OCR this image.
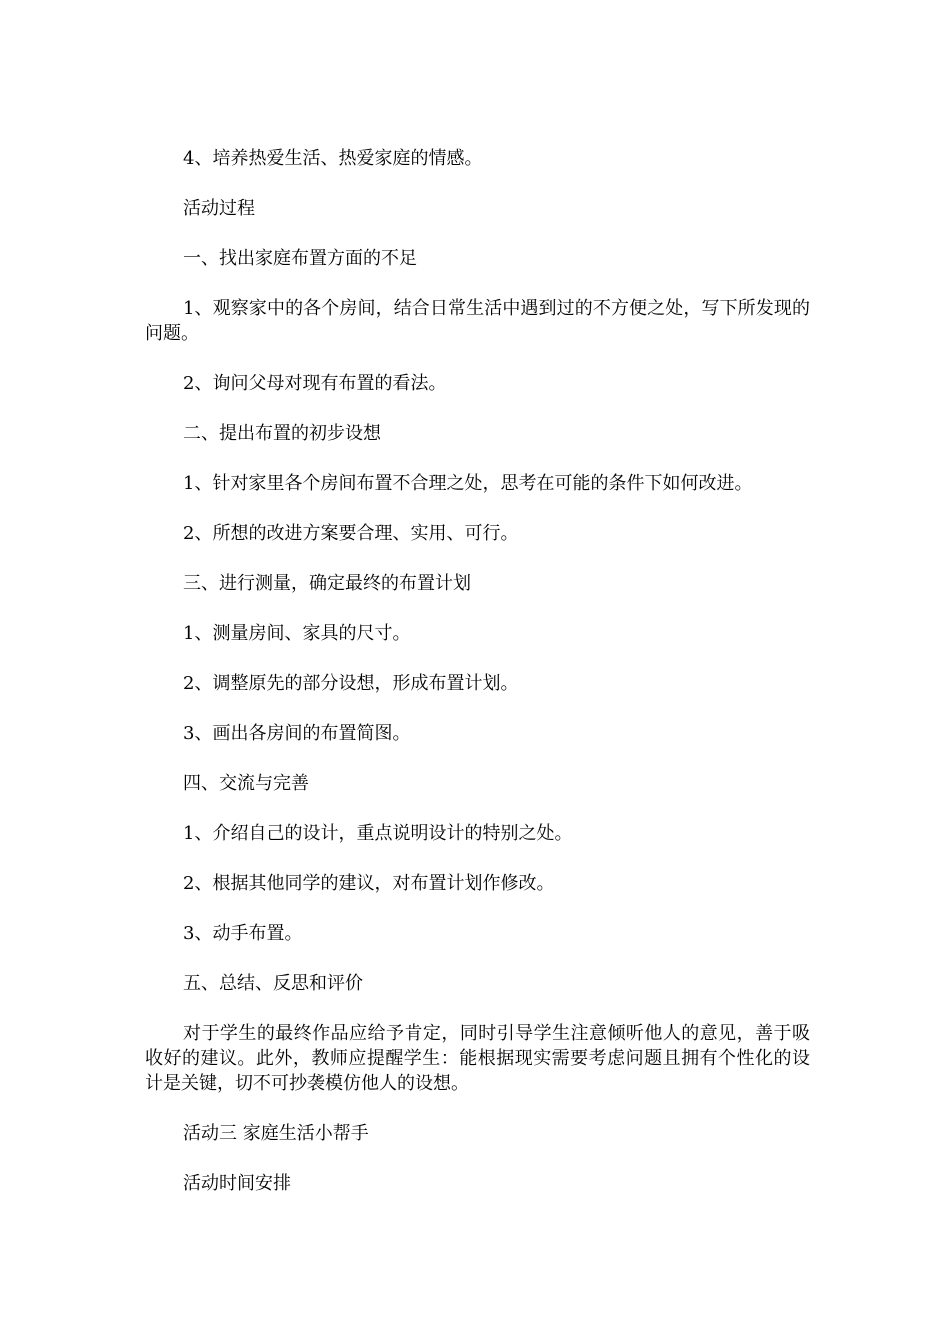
4、培养热爱生活、热爱家庭的情感。

活动过程

一、找出家庭布置方面的不足

1、观察家中的各个房间，结合日常生活中遇到过的不方便之处，写下所发现的问题。

2、询问父母对现有布置的看法。

二、提出布置的初步设想

1、针对家里各个房间布置不合理之处，思考在可能的条件下如何改进。

2、所想的改进方案要合理、实用、可行。

三、进行测量，确定最终的布置计划

1、测量房间、家具的尺寸。

2、调整原先的部分设想，形成布置计划。

3、画出各房间的布置简图。

四、交流与完善

1、介绍自己的设计，重点说明设计的特别之处。

2、根据其他同学的建议，对布置计划作修改。

3、动手布置。

五、总结、反思和评价

对于学生的最终作品应给予肯定，同时引导学生注意倾听他人的意见，善于吸收好的建议。此外，教师应提醒学生：能根据现实需要考虑问题且拥有个性化的设计是关键，切不可抄袭模仿他人的设想。

活动三 家庭生活小帮手

活动时间安排
